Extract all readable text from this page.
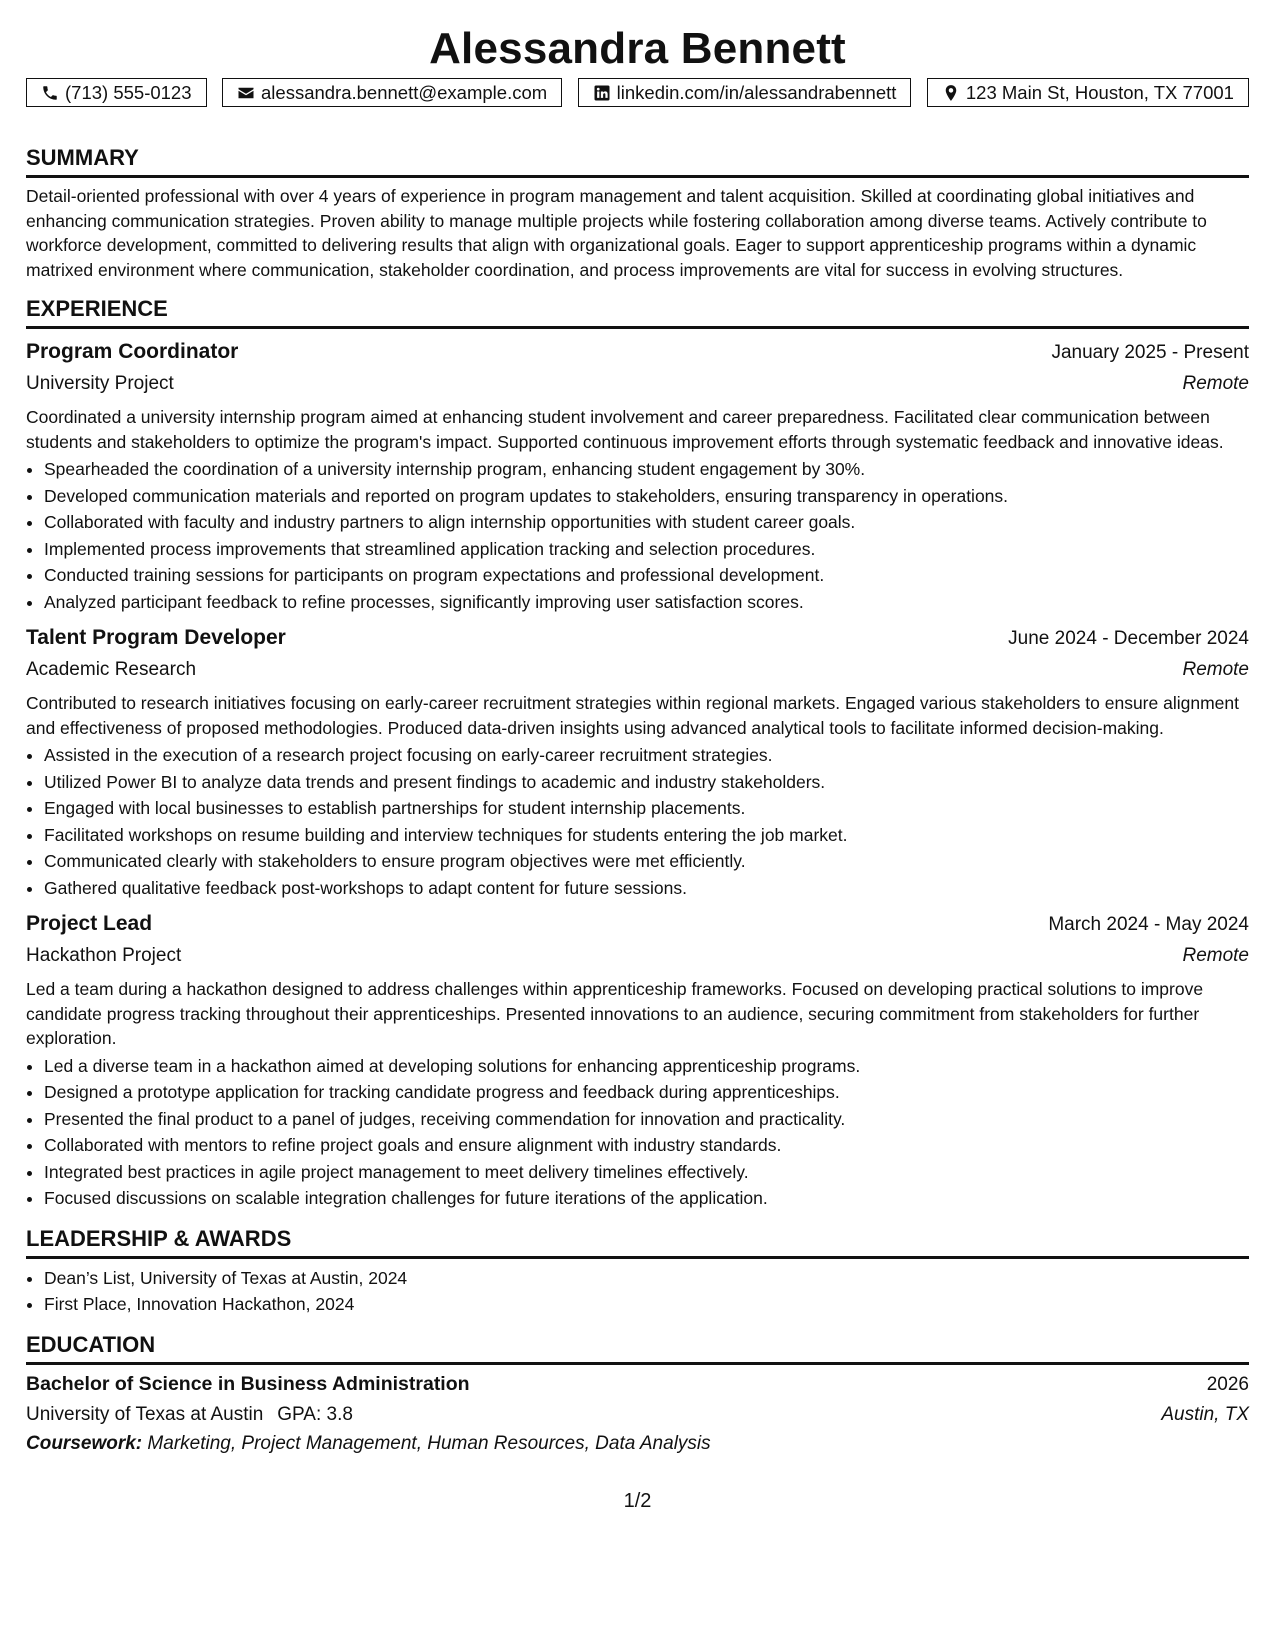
Alessandra Bennett
(713) 555-0123	alessandra.bennett@example.com	linkedin.com/in/alessandrabennett	123 Main St, Houston, TX 77001
SUMMARY

Detail-oriented professional with over 4 years of experience in program management and talent acquisition. Skilled at coordinating global initiatives and enhancing communication strategies. Proven ability to manage multiple projects while fostering collaboration among diverse teams. Actively contribute to workforce development, committed to delivering results that align with organizational goals. Eager to support apprenticeship programs within a dynamic matrixed environment where communication, stakeholder coordination, and process improvements are vital for success in evolving structures.

EXPERIENCE
Program Coordinator	January 2025 - Present
University Project	Remote

Coordinated a university internship program aimed at enhancing student involvement and career preparedness. Facilitated clear communication between students and stakeholders to optimize the program's impact. Supported continuous improvement efforts through systematic feedback and innovative ideas.

• Spearheaded the coordination of a university internship program, enhancing student engagement by 30%.
• Developed communication materials and reported on program updates to stakeholders, ensuring transparency in operations.
• Collaborated with faculty and industry partners to align internship opportunities with student career goals.
• Implemented process improvements that streamlined application tracking and selection procedures.
• Conducted training sessions for participants on program expectations and professional development.
• Analyzed participant feedback to refine processes, significantly improving user satisfaction scores.
Talent Program Developer	June 2024 - December 2024
Academic Research	Remote

Contributed to research initiatives focusing on early-career recruitment strategies within regional markets. Engaged various stakeholders to ensure alignment and effectiveness of proposed methodologies. Produced data-driven insights using advanced analytical tools to facilitate informed decision-making.

• Assisted in the execution of a research project focusing on early-career recruitment strategies.
• Utilized Power BI to analyze data trends and present findings to academic and industry stakeholders.
• Engaged with local businesses to establish partnerships for student internship placements.
• Facilitated workshops on resume building and interview techniques for students entering the job market.
• Communicated clearly with stakeholders to ensure program objectives were met efficiently.
• Gathered qualitative feedback post-workshops to adapt content for future sessions.
Project Lead	March 2024 - May 2024
Hackathon Project	Remote

Led a team during a hackathon designed to address challenges within apprenticeship frameworks. Focused on developing practical solutions to improve candidate progress tracking throughout their apprenticeships. Presented innovations to an audience, securing commitment from stakeholders for further exploration.

• Led a diverse team in a hackathon aimed at developing solutions for enhancing apprenticeship programs.
• Designed a prototype application for tracking candidate progress and feedback during apprenticeships.
• Presented the final product to a panel of judges, receiving commendation for innovation and practicality.
• Collaborated with mentors to refine project goals and ensure alignment with industry standards.
• Integrated best practices in agile project management to meet delivery timelines effectively.
• Focused discussions on scalable integration challenges for future iterations of the application.
LEADERSHIP & AWARDS
• Dean’s List, University of Texas at Austin, 2024
• First Place, Innovation Hackathon, 2024
EDUCATION
Bachelor of Science in Business Administration	2026
University of Texas at Austin GPA: 3.8	Austin, TX
Coursework: Marketing, Project Management, Human Resources, Data Analysis
1/2
